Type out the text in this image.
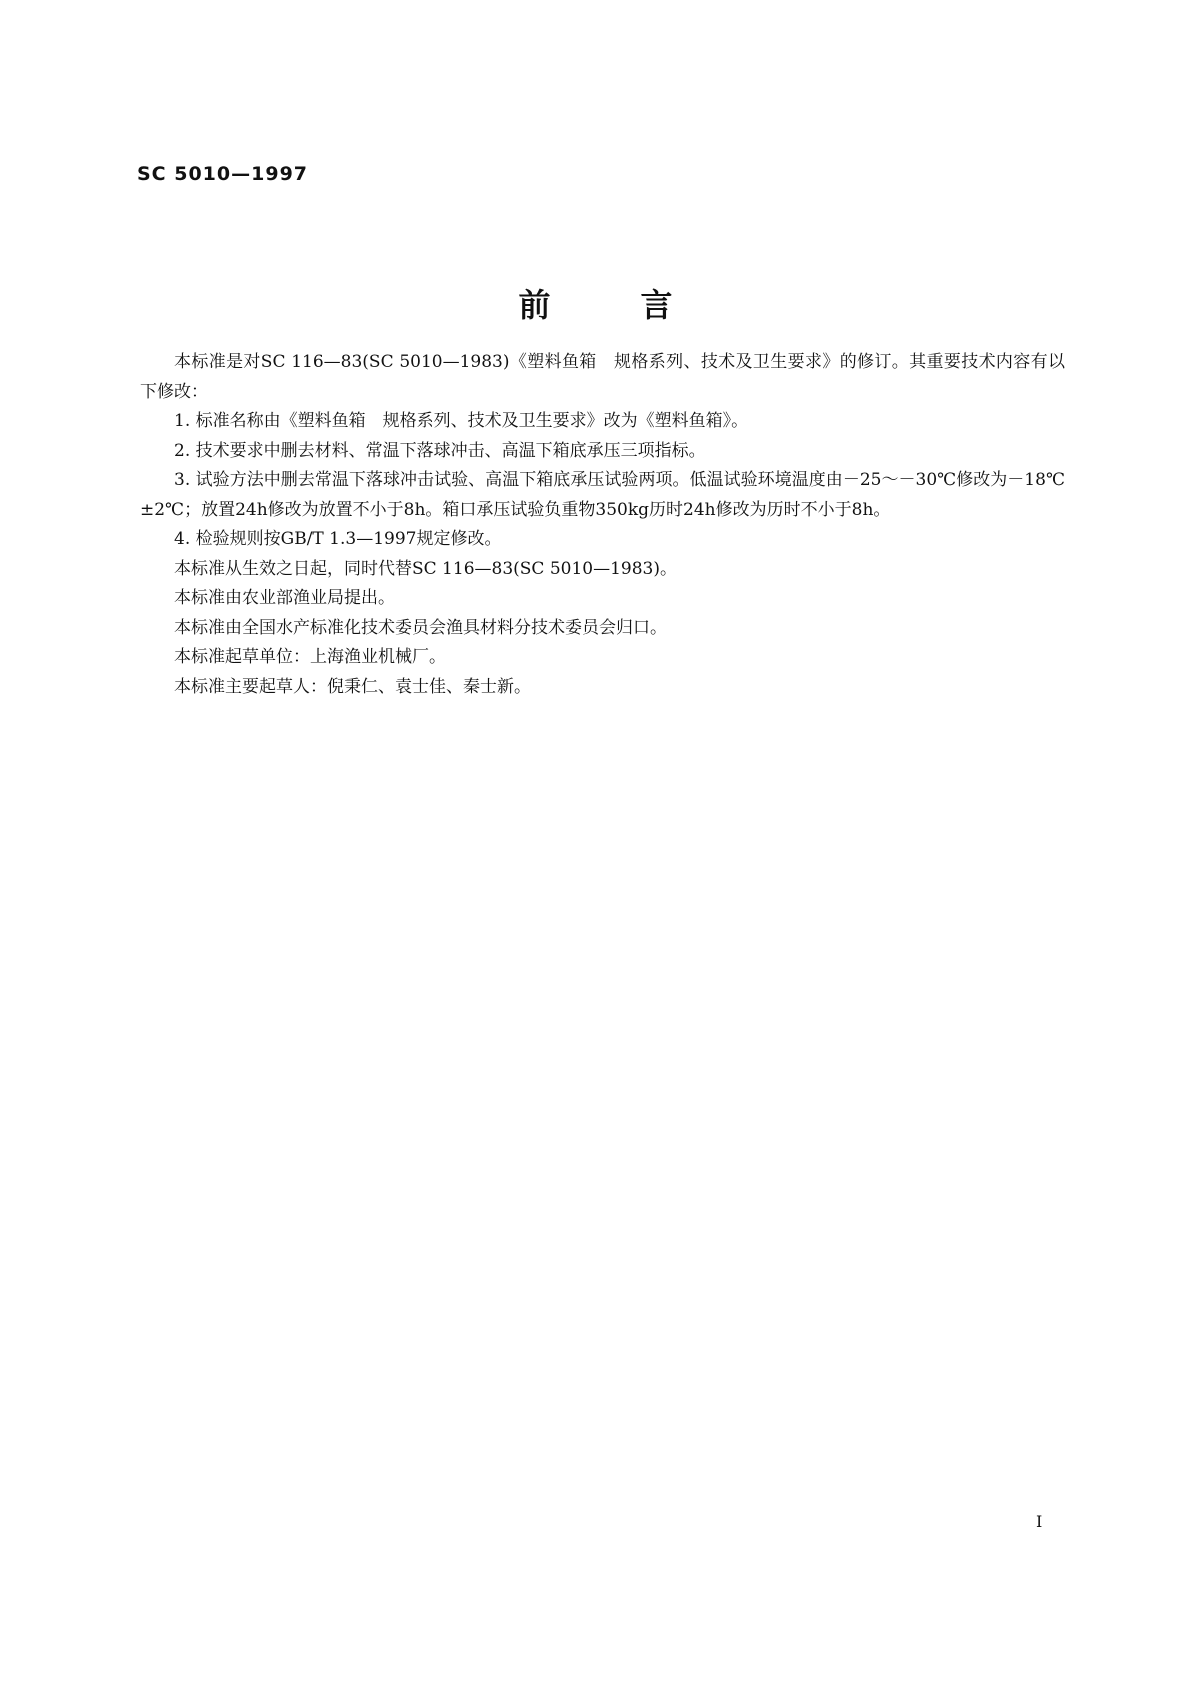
SC 5010—1997
前言

本标准是对SC 116—83(SC 5010—1983)《塑料鱼箱　规格系列、技术及卫生要求》的修订。其重要技术内容有以下修改：

1. 标准名称由《塑料鱼箱　规格系列、技术及卫生要求》改为《塑料鱼箱》。

2. 技术要求中删去材料、常温下落球冲击、高温下箱底承压三项指标。

3. 试验方法中删去常温下落球冲击试验、高温下箱底承压试验两项。低温试验环境温度由－25～－30℃修改为－18℃±2℃；放置24h修改为放置不小于8h。箱口承压试验负重物350kg历时24h修改为历时不小于8h。

4. 检验规则按GB/T 1.3—1997规定修改。

本标准从生效之日起，同时代替SC 116—83(SC 5010—1983)。

本标准由农业部渔业局提出。

本标准由全国水产标准化技术委员会渔具材料分技术委员会归口。

本标准起草单位：上海渔业机械厂。

本标准主要起草人：倪秉仁、袁士佳、秦士新。

I
